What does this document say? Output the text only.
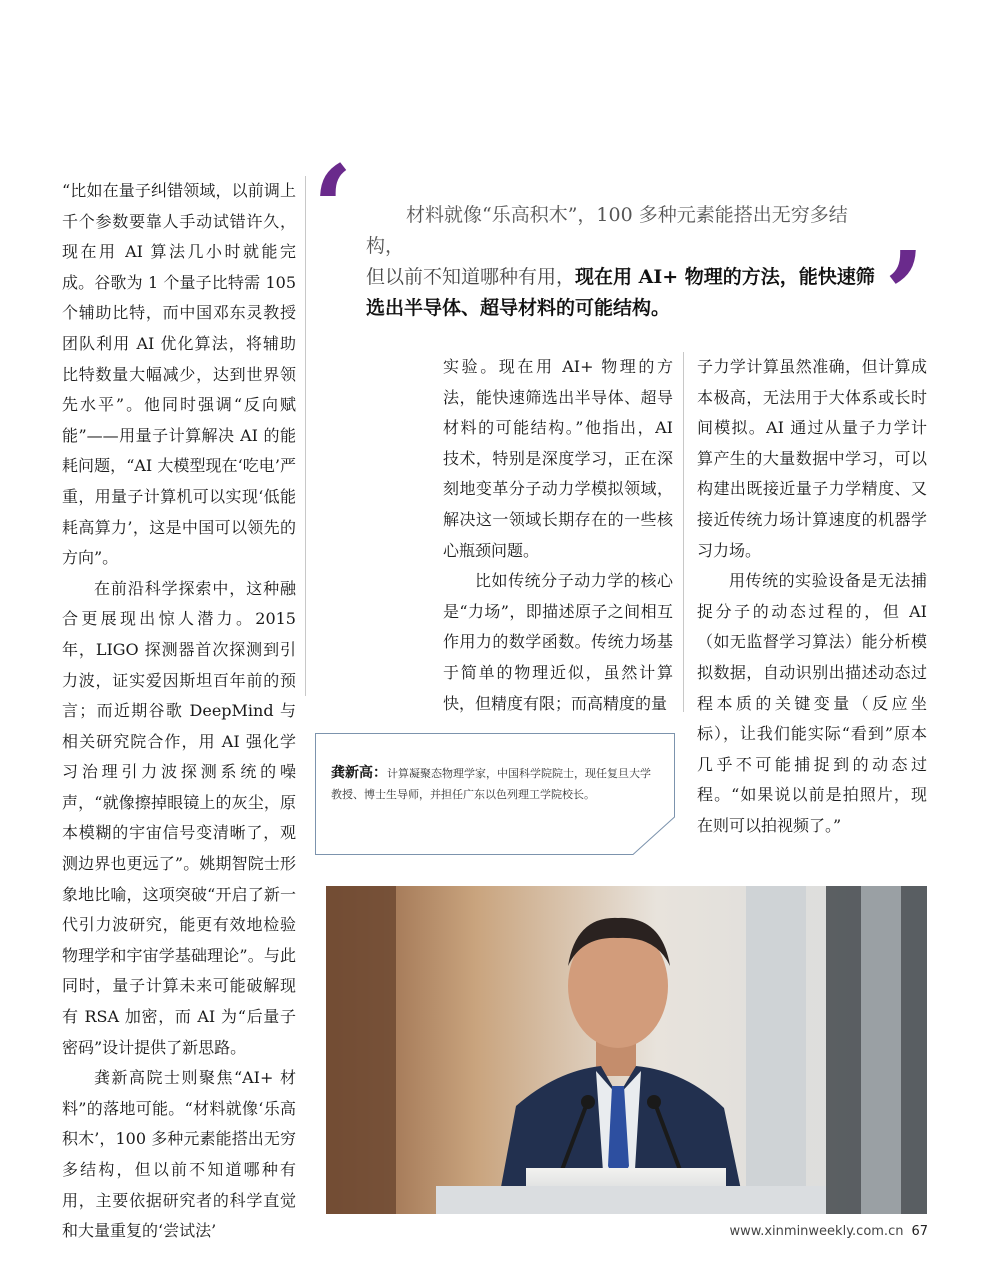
“比如在量子纠错领域，以前调上千个参数要靠人手动试错许久，现在用 AI 算法几小时就能完成。谷歌为 1 个量子比特需 105 个辅助比特，而中国邓东灵教授团队利用 AI 优化算法，将辅助比特数量大幅减少，达到世界领先水平”。他同时强调“反向赋能”——用量子计算解决 AI 的能耗问题，“AI 大模型现在‘吃电’严重，用量子计算机可以实现‘低能耗高算力’，这是中国可以领先的方向”。

在前沿科学探索中，这种融合更展现出惊人潜力。2015 年，LIGO 探测器首次探测到引力波，证实爱因斯坦百年前的预言；而近期谷歌 DeepMind 与相关研究院合作，用 AI 强化学习治理引力波探测系统的噪声，“就像擦掉眼镜上的灰尘，原本模糊的宇宙信号变清晰了，观测边界也更远了”。姚期智院士形象地比喻，这项突破“开启了新一代引力波研究，能更有效地检验物理学和宇宙学基础理论”。与此同时，量子计算未来可能破解现有 RSA 加密，而 AI 为“后量子密码”设计提供了新思路。

龚新高院士则聚焦“AI+ 材料”的落地可能。“材料就像‘乐高积木’，100 多种元素能搭出无穷多结构，但以前不知道哪种有用，主要依据研究者的科学直觉和大量重复的‘尝试法’

‘	材料就像“乐高积木”，100 多种元素能搭出无穷多结构，
但以前不知道哪种有用，现在用 AI+ 物理的方法，能快速筛选出半导体、超导材料的可能结构。	’

实验。现在用 AI+ 物理的方法，能快速筛选出半导体、超导材料的可能结构。”他指出，AI 技术，特别是深度学习，正在深刻地变革分子动力学模拟领域，解决这一领域长期存在的一些核心瓶颈问题。

比如传统分子动力学的核心是“力场”，即描述原子之间相互作用力的数学函数。传统力场基于简单的物理近似，虽然计算快，但精度有限；而高精度的量

子力学计算虽然准确，但计算成本极高，无法用于大体系或长时间模拟。AI 通过从量子力学计算产生的大量数据中学习，可以构建出既接近量子力学精度、又接近传统力场计算速度的机器学习力场。

用传统的实验设备是无法捕捉分子的动态过程的，但 AI（如无监督学习算法）能分析模拟数据，自动识别出描述动态过程本质的关键变量（反应坐标），让我们能实际“看到”原本几乎不可能捕捉到的动态过程。“如果说以前是拍照片，现在则可以拍视频了。”

龚新高：计算凝聚态物理学家，中国科学院院士，现任复旦大学教授、博士生导师，并担任广东以色列理工学院校长。
www.xinminweekly.com.cn 67
